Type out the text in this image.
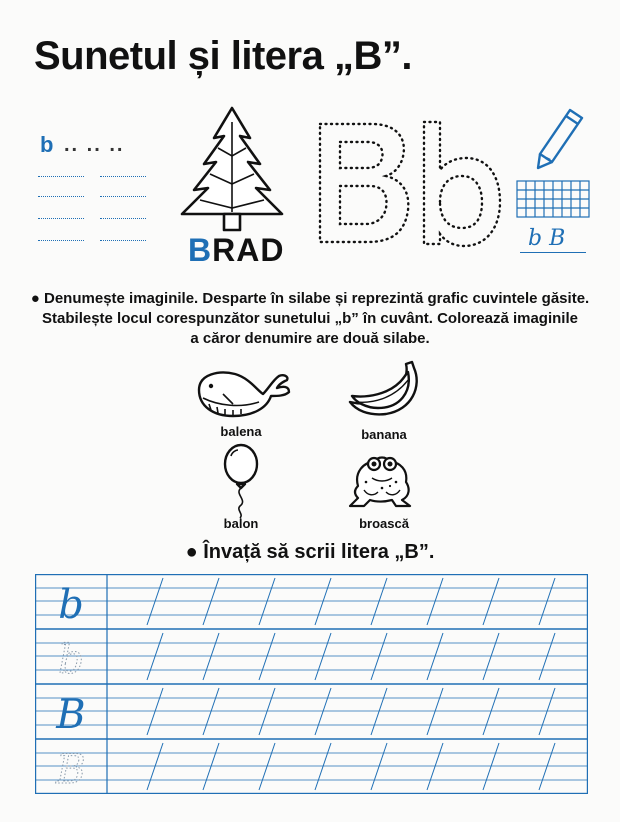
Sunetul și litera „B”.
b .. .. ..
BRAD	b B
● Denumește imaginile. Desparte în silabe și reprezintă grafic cuvintele găsite.
Stabilește locul corespunzător sunetului „b” în cuvânt. Colorează imaginile
a căror denumire are două silabe.
balena	banana
balon	broască
● Învață să scrii litera „B”.
b
b
B
B
